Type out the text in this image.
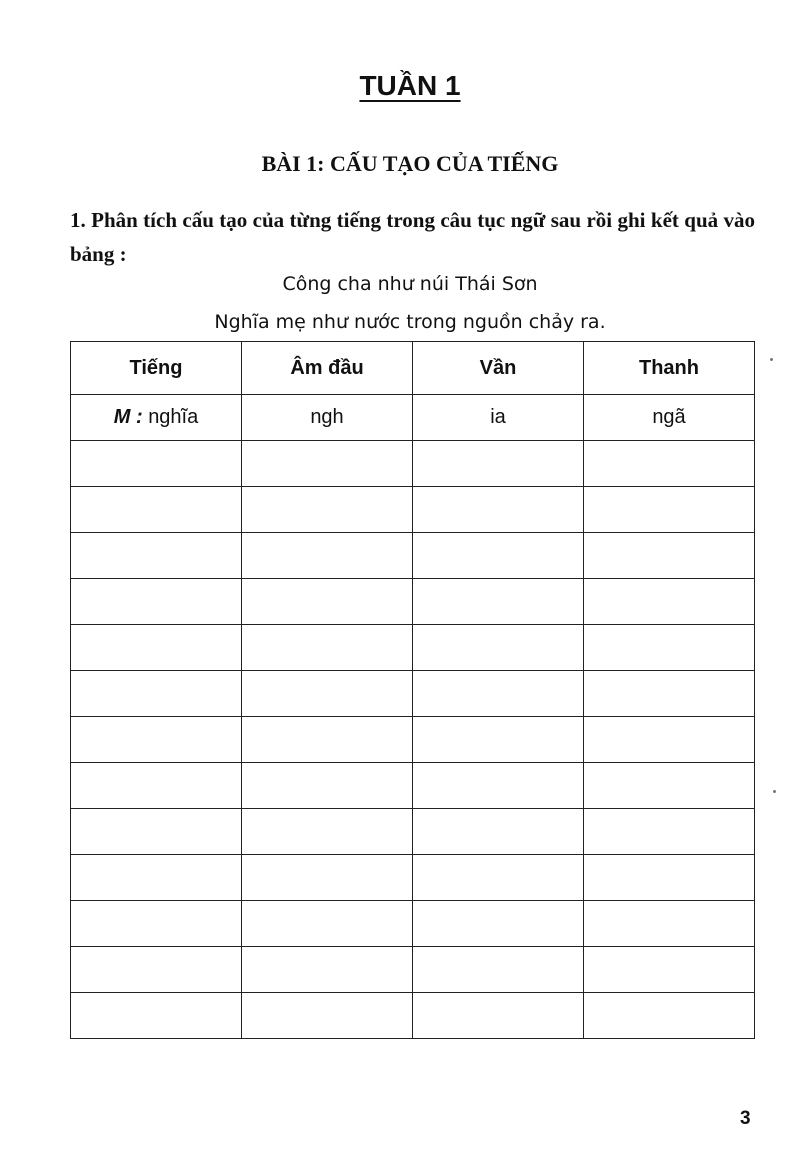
TUẦN 1
BÀI 1: CẤU TẠO CỦA TIẾNG
1. Phân tích cấu tạo của từng tiếng trong câu tục ngữ sau rồi ghi kết quả vào bảng :
Công cha như núi Thái Sơn
Nghĩa mẹ như nước trong nguồn chảy ra.
Tiếng	Âm đầu	Vần	Thanh
M : nghĩa	ngh	ia	ngã

3
